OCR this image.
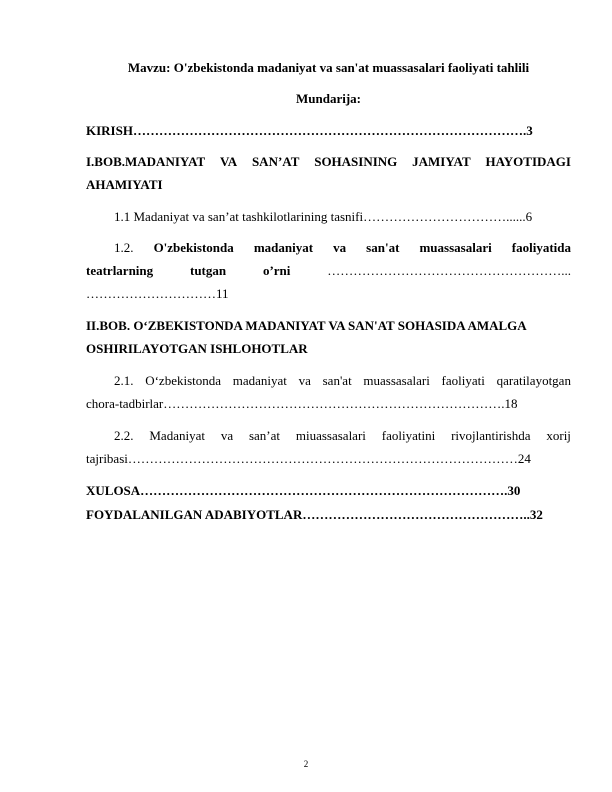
Mavzu: O'zbekistonda madaniyat va san'at muassasalari faoliyati tahlili
Mundarija:
KIRISH……………………………………………………………………………….3
I.BOB.MADANIYAT VA SAN’AT SOHASINING JAMIYAT HAYOTIDAGI
AHAMIYATI
1.1 Madaniyat va san’at tashkilotlarining tasnifi……………………………......6
1.2. O'zbekistonda madaniyat va san'at muassasalari faoliyatida
teatrlarning	tutgan	o’rni	………………………………………………...
…………………………11
II.BOB. O‘ZBEKISTONDA MADANIYAT VA SAN'AT SOHASIDA AMALGA
OSHIRILAYOTGAN ISHLOHOTLAR
2.1. O‘zbekistonda madaniyat va san'at muassasalari faoliyati qaratilayotgan
chora-tadbirlar…………………………………………………………………….18
2.2. Madaniyat va san’at miuassasalari faoliyatini rivojlantirishda xorij
tajribasi………………………………………………………………………………24
XULOSA………………………………………………………………………….30
FOYDALANILGAN ADABIYOTLAR……………………………………………..32
2
